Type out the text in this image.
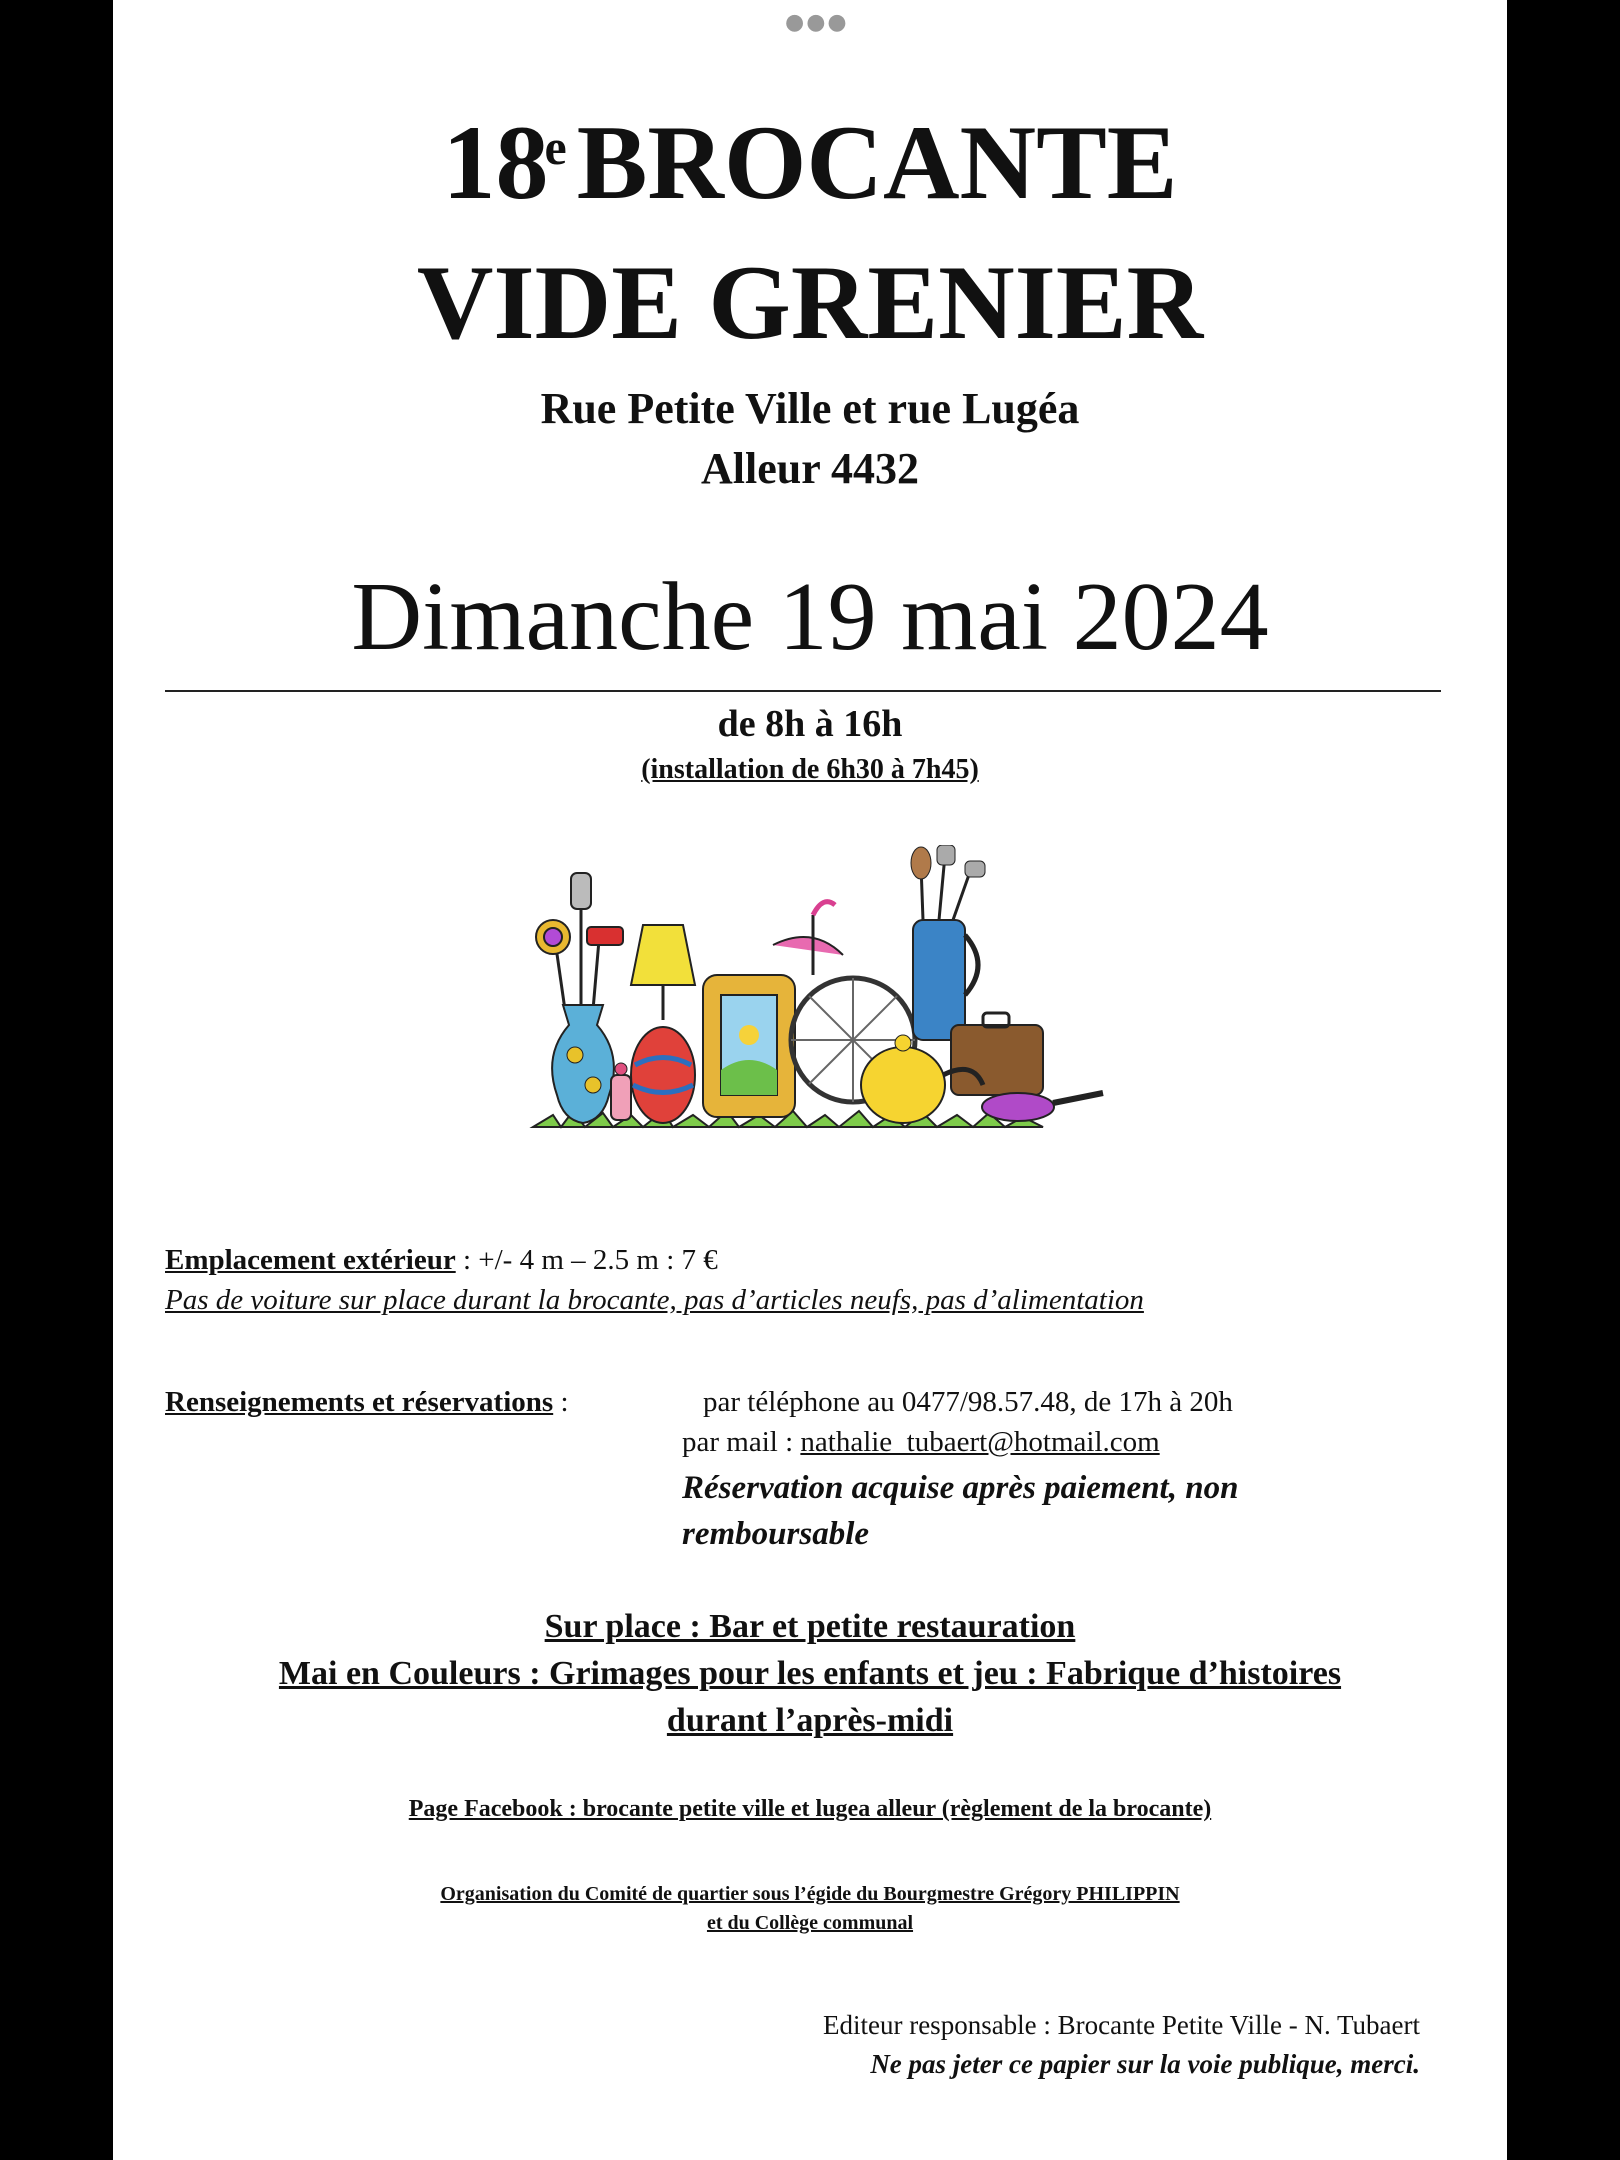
●●●
18eBROCANTE
VIDE GRENIER
Rue Petite Ville et rue Lugéa
Alleur 4432
Dimanche 19 mai 2024
de 8h à 16h
(installation de 6h30 à 7h45)
Emplacement extérieur : +/- 4 m – 2.5 m : 7 €
Pas de voiture sur place durant la brocante, pas d’articles neufs, pas d’alimentation
Renseignements et réservations :	par téléphone au 0477/98.57.48, de 17h à 20h
par mail : nathalie_tubaert@hotmail.com
Réservation acquise après paiement, non remboursable
Sur place : Bar et petite restauration
Mai en Couleurs : Grimages pour les enfants et jeu : Fabrique d’histoires
durant l’après-midi
Page Facebook : brocante petite ville et lugea alleur (règlement de la brocante)
Organisation du Comité de quartier sous l’égide du Bourgmestre Grégory PHILIPPIN
et du Collège communal
Editeur responsable : Brocante Petite Ville - N. Tubaert
Ne pas jeter ce papier sur la voie publique, merci.
